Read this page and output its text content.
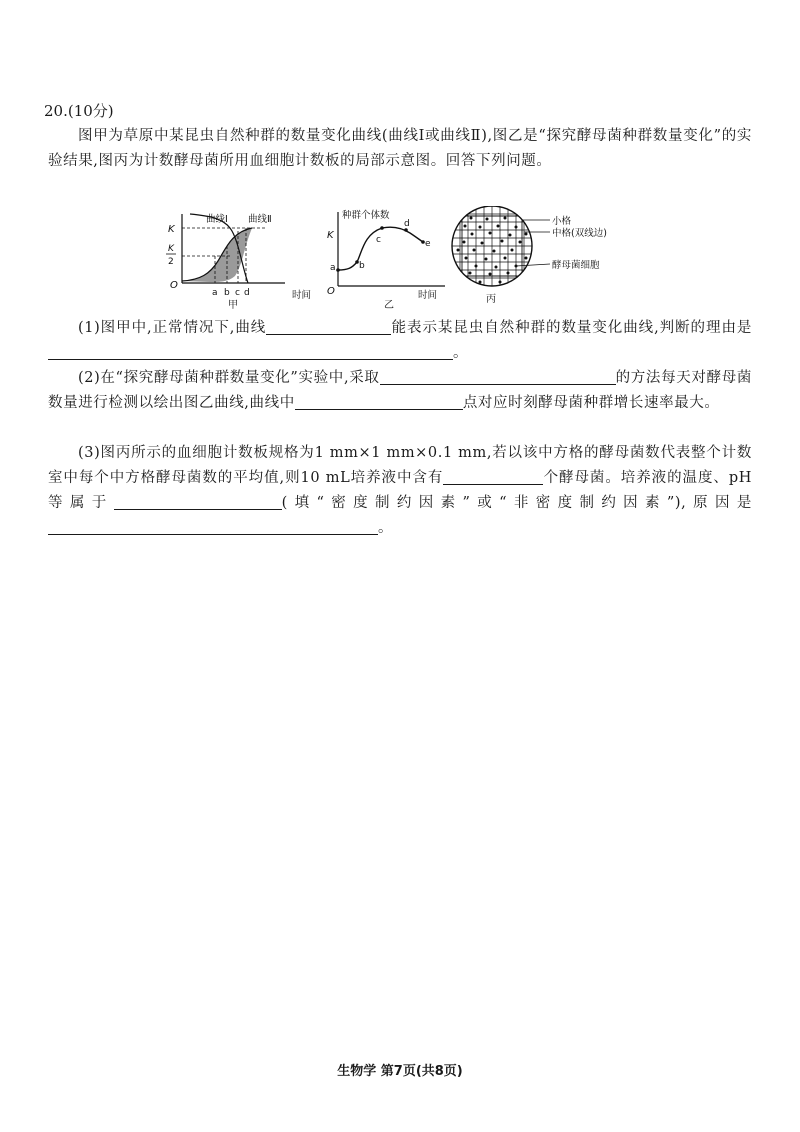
20.(10分)
图甲为草原中某昆虫自然种群的数量变化曲线(曲线Ⅰ或曲线Ⅱ),图乙是“探究酵母菌种群数量变化”的实验结果,图丙为计数酵母菌所用血细胞计数板的局部示意图。回答下列问题。
K
K
2
O
曲线Ⅰ 曲线Ⅱ
a b c d	时间
甲
种群个体数
K
O
a	b
c
d
e
时间
乙
小格
中格(双线边)
酵母菌细胞
丙
(1)图甲中,正常情况下,曲线	能表示某昆虫自然种群的数量变化曲线,判断的理由是。
(2)在“探究酵母菌种群数量变化”实验中,采取	的方法每天对酵母菌数量进行检测以绘出图乙曲线,曲线中	点对应时刻酵母菌种群增长速率最大。
(3)图丙所示的血细胞计数板规格为1 mm×1 mm×0.1 mm,若以该中方格的酵母菌数代表整个计数室中每个中方格酵母菌数的平均值,则10 mL培养液中含有	个酵母菌。培养液的温度、pH等属于	(填“密度制约因素”或“非密度制约因素”),原因是。
生物学 第7页(共8页)
